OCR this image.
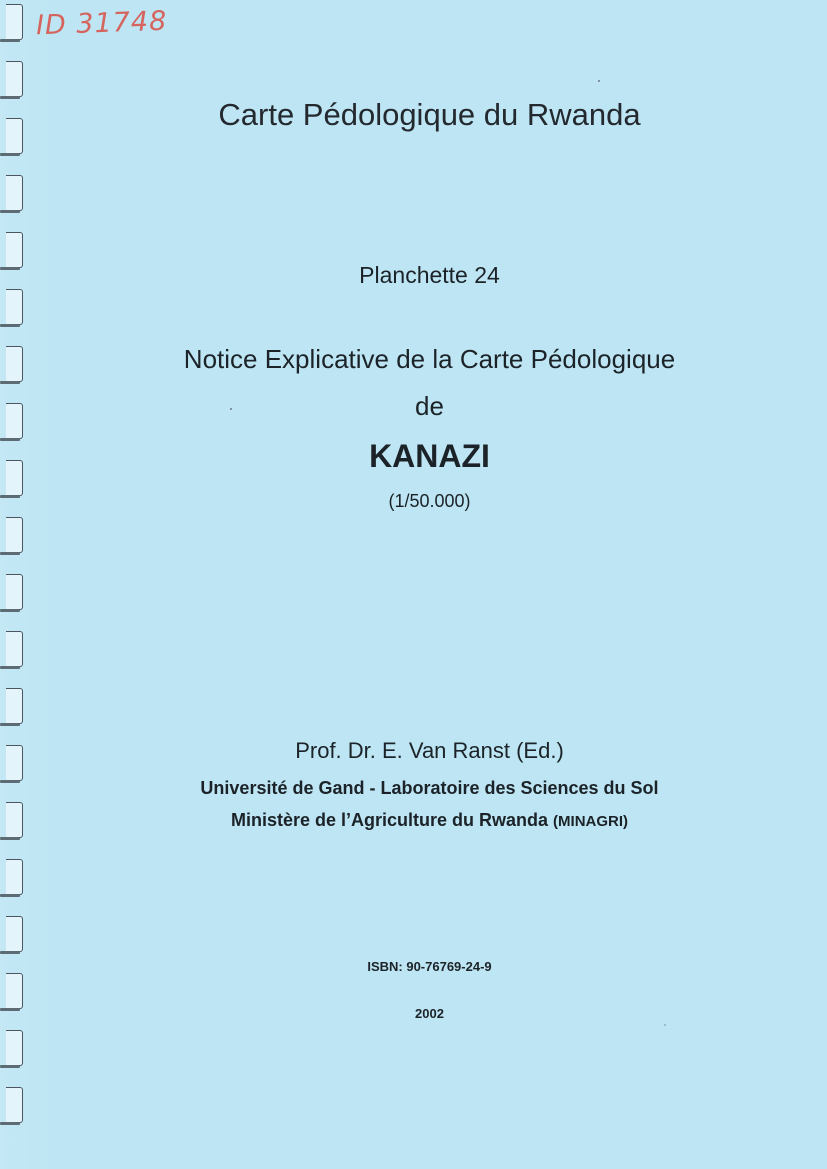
ID 31748
Carte Pédologique du Rwanda
Planchette 24
Notice Explicative de la Carte Pédologique
de
KANAZI
(1/50.000)
Prof. Dr. E. Van Ranst (Ed.)
Université de Gand - Laboratoire des Sciences du Sol
Ministère de l’Agriculture du Rwanda (MINAGRI)
ISBN: 90-76769-24-9
2002
